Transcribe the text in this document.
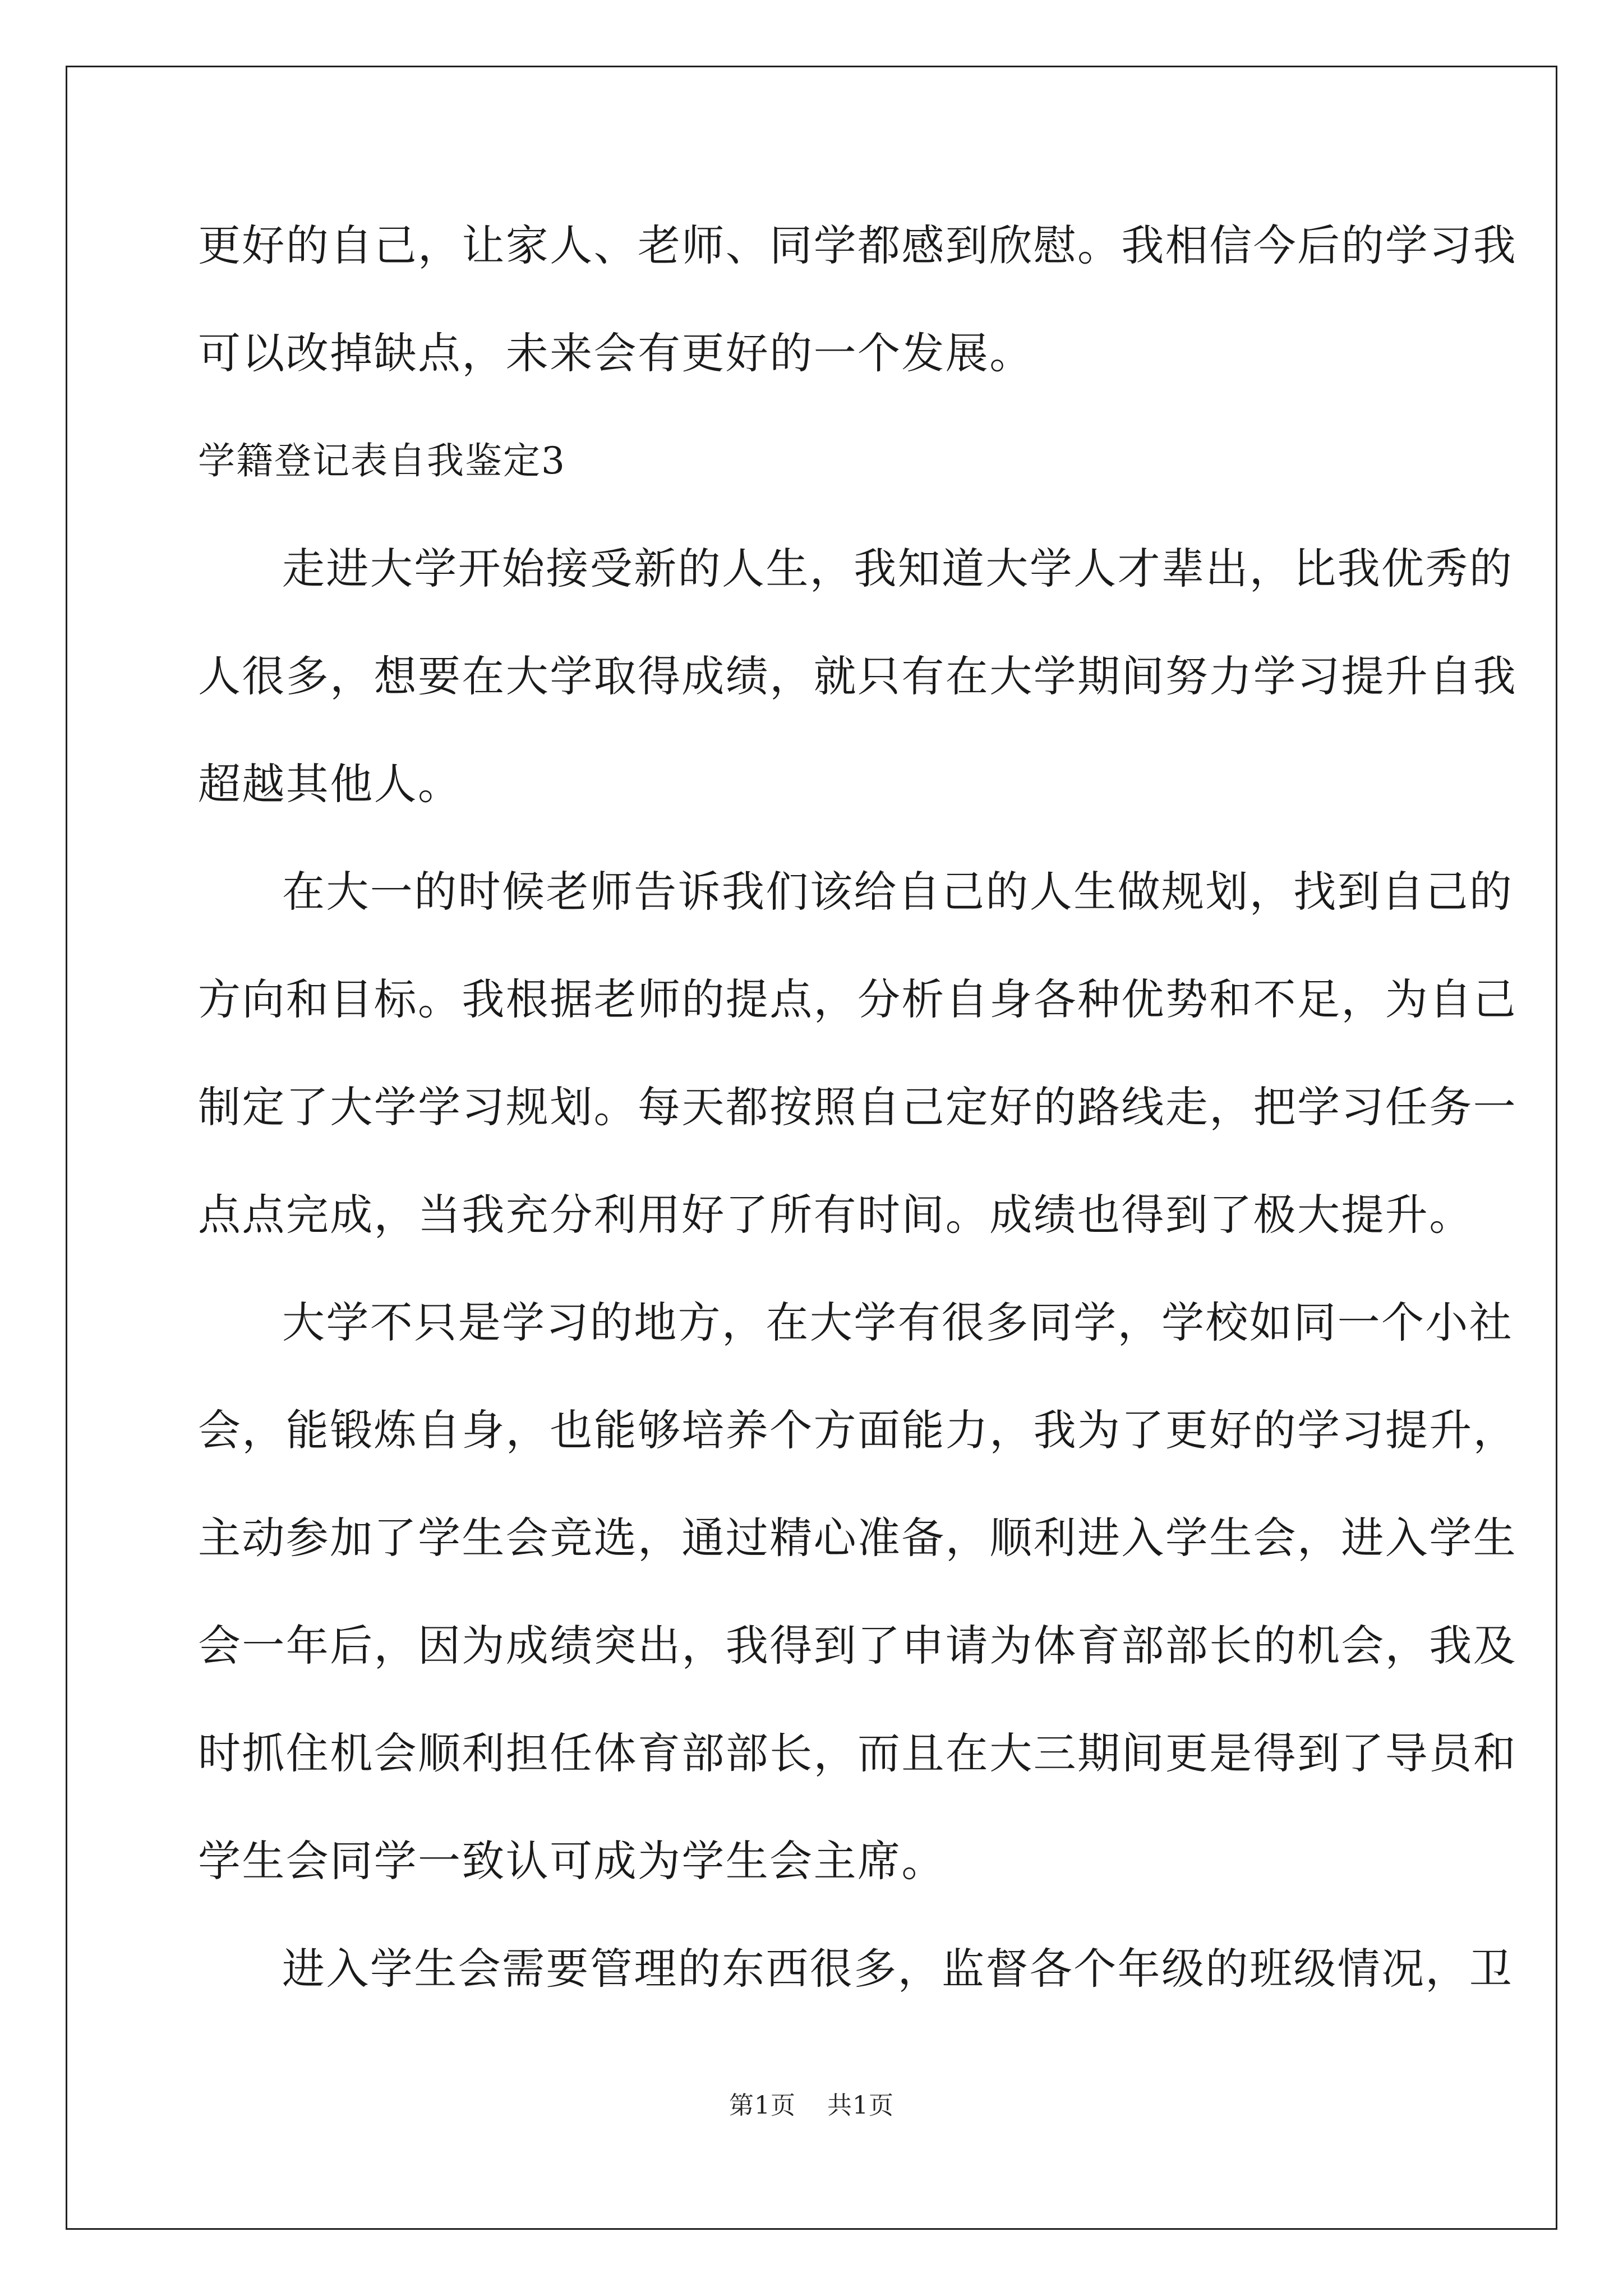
更好的自己，让家人、老师、同学都感到欣慰。我相信今后的学习我
可以改掉缺点，未来会有更好的一个发展。
学籍登记表自我鉴定3
走进大学开始接受新的人生，我知道大学人才辈出，比我优秀的
人很多，想要在大学取得成绩，就只有在大学期间努力学习提升自我
超越其他人。
在大一的时候老师告诉我们该给自己的人生做规划，找到自己的
方向和目标。我根据老师的提点，分析自身各种优势和不足，为自己
制定了大学学习规划。每天都按照自己定好的路线走，把学习任务一
点点完成，当我充分利用好了所有时间。成绩也得到了极大提升。
大学不只是学习的地方，在大学有很多同学，学校如同一个小社
会，能锻炼自身，也能够培养个方面能力，我为了更好的学习提升，
主动参加了学生会竞选，通过精心准备，顺利进入学生会，进入学生
会一年后，因为成绩突出，我得到了申请为体育部部长的机会，我及
时抓住机会顺利担任体育部部长，而且在大三期间更是得到了导员和
学生会同学一致认可成为学生会主席。
进入学生会需要管理的东西很多，监督各个年级的班级情况，卫
第1页 共1页
